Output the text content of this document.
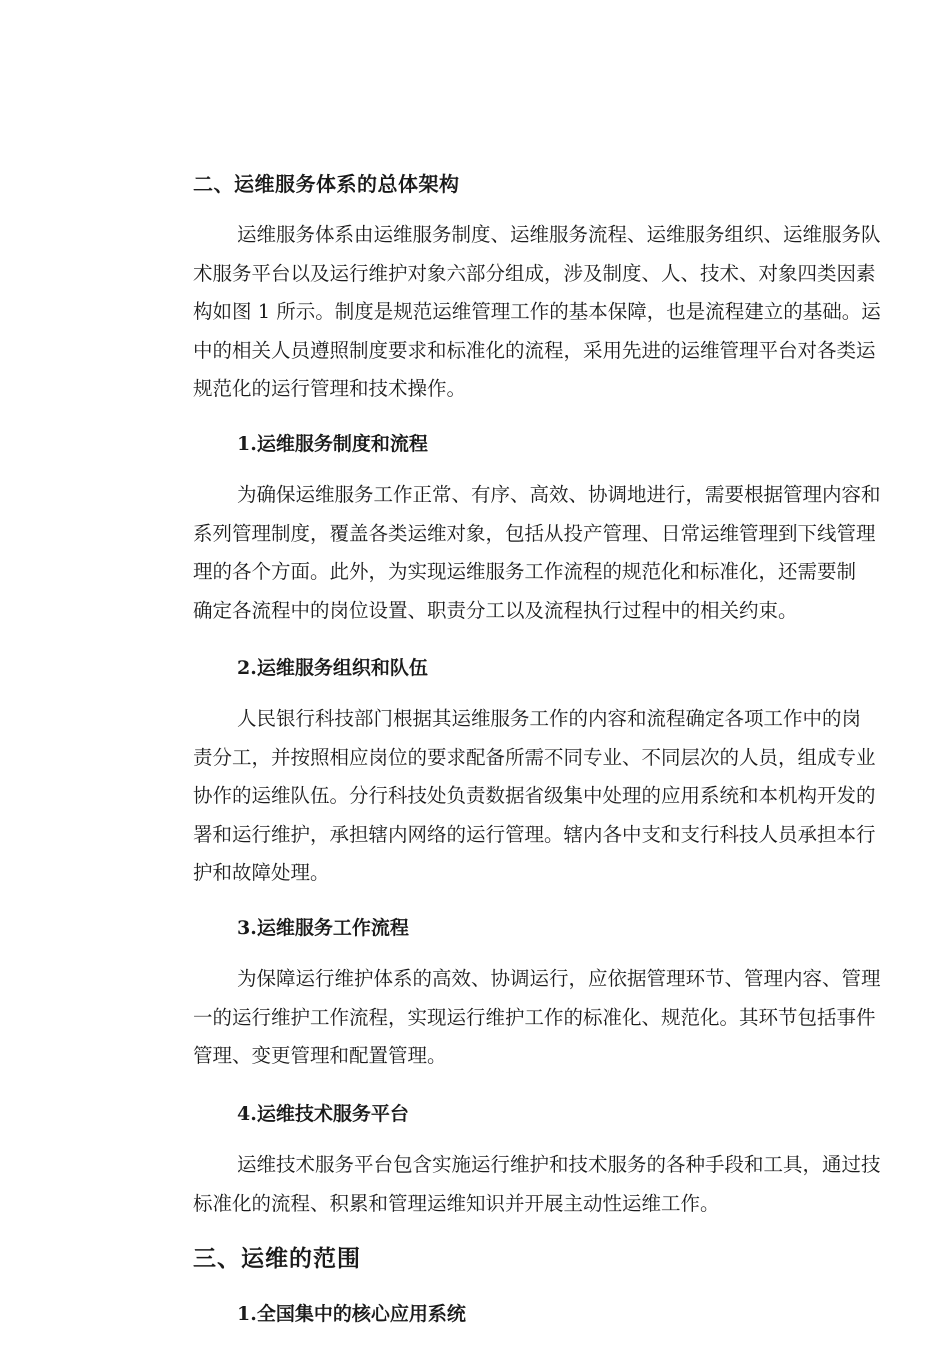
二、运维服务体系的总体架构
运维服务体系由运维服务制度、运维服务流程、运维服务组织、运维服务队
术服务平台以及运行维护对象六部分组成，涉及制度、人、技术、对象四类因素
构如图 1 所示。制度是规范运维管理工作的基本保障，也是流程建立的基础。运
中的相关人员遵照制度要求和标准化的流程，采用先进的运维管理平台对各类运
规范化的运行管理和技术操作。
1.运维服务制度和流程
为确保运维服务工作正常、有序、高效、协调地进行，需要根据管理内容和
系列管理制度，覆盖各类运维对象，包括从投产管理、日常运维管理到下线管理
理的各个方面。此外，为实现运维服务工作流程的规范化和标准化，还需要制
确定各流程中的岗位设置、职责分工以及流程执行过程中的相关约束。
2.运维服务组织和队伍
人民银行科技部门根据其运维服务工作的内容和流程确定各项工作中的岗
责分工，并按照相应岗位的要求配备所需不同专业、不同层次的人员，组成专业
协作的运维队伍。分行科技处负责数据省级集中处理的应用系统和本机构开发的
署和运行维护，承担辖内网络的运行管理。辖内各中支和支行科技人员承担本行
护和故障处理。
3.运维服务工作流程
为保障运行维护体系的高效、协调运行，应依据管理环节、管理内容、管理
一的运行维护工作流程，实现运行维护工作的标准化、规范化。其环节包括事件
管理、变更管理和配置管理。
4.运维技术服务平台
运维技术服务平台包含实施运行维护和技术服务的各种手段和工具，通过技
标准化的流程、积累和管理运维知识并开展主动性运维工作。
三、运维的范围
1.全国集中的核心应用系统
